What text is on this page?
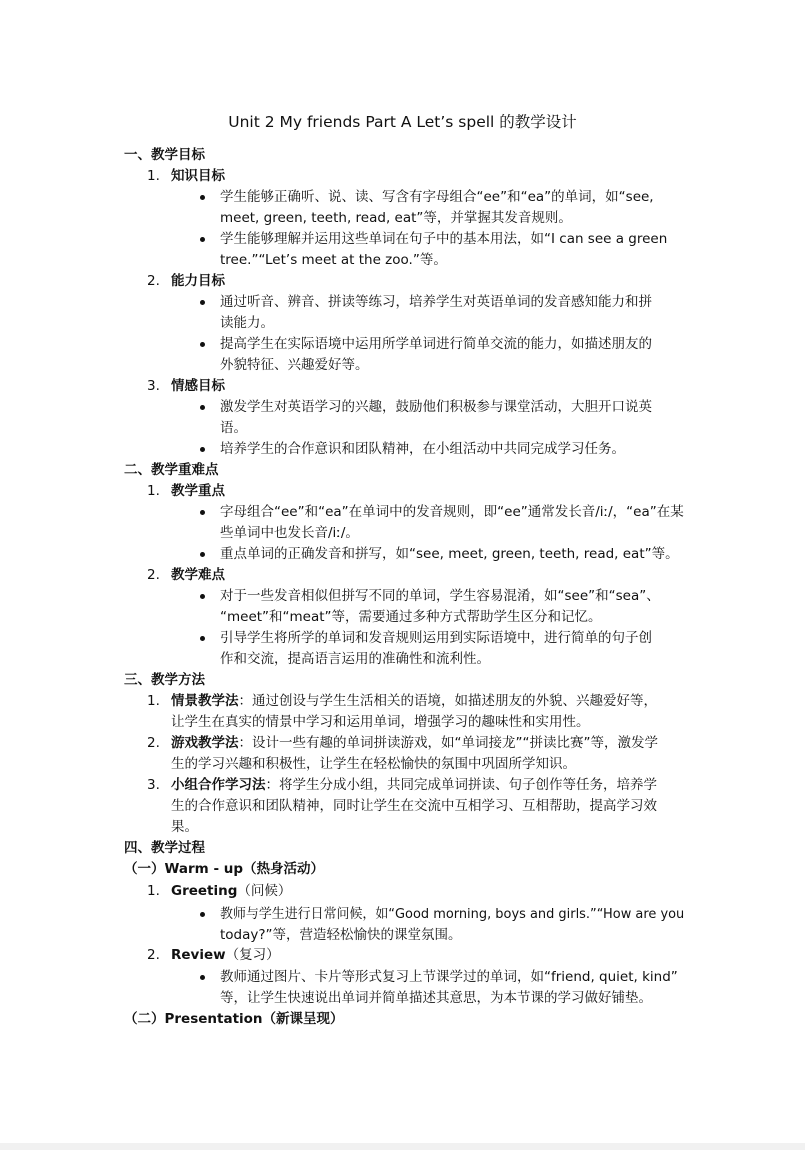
Unit 2 My friends Part A Let’s spell 的教学设计
一、教学目标
1. 知识目标
学生能够正确听、说、读、写含有字母组合“ee”和“ea”的单词，如“see,
meet, green, teeth, read, eat”等，并掌握其发音规则。
学生能够理解并运用这些单词在句子中的基本用法，如“I can see a green
tree.”“Let’s meet at the zoo.”等。
2. 能力目标
通过听音、辨音、拼读等练习，培养学生对英语单词的发音感知能力和拼
读能力。
提高学生在实际语境中运用所学单词进行简单交流的能力，如描述朋友的
外貌特征、兴趣爱好等。
3. 情感目标
激发学生对英语学习的兴趣，鼓励他们积极参与课堂活动，大胆开口说英
语。
培养学生的合作意识和团队精神，在小组活动中共同完成学习任务。
二、教学重难点
1. 教学重点
字母组合“ee”和“ea”在单词中的发音规则，即“ee”通常发长音/iː/，“ea”在某
些单词中也发长音/iː/。
重点单词的正确发音和拼写，如“see, meet, green, teeth, read, eat”等。
2. 教学难点
对于一些发音相似但拼写不同的单词，学生容易混淆，如“see”和“sea”、
“meet”和“meat”等，需要通过多种方式帮助学生区分和记忆。
引导学生将所学的单词和发音规则运用到实际语境中，进行简单的句子创
作和交流，提高语言运用的准确性和流利性。
三、教学方法
1. 情景教学法：通过创设与学生生活相关的语境，如描述朋友的外貌、兴趣爱好等，
让学生在真实的情景中学习和运用单词，增强学习的趣味性和实用性。
2. 游戏教学法：设计一些有趣的单词拼读游戏，如“单词接龙”“拼读比赛”等，激发学
生的学习兴趣和积极性，让学生在轻松愉快的氛围中巩固所学知识。
3. 小组合作学习法：将学生分成小组，共同完成单词拼读、句子创作等任务，培养学
生的合作意识和团队精神，同时让学生在交流中互相学习、互相帮助，提高学习效
果。
四、教学过程
（一）Warm - up（热身活动）
1. Greeting（问候）
教师与学生进行日常问候，如“Good morning, boys and girls.”“How are you
today?”等，营造轻松愉快的课堂氛围。
2. Review（复习）
教师通过图片、卡片等形式复习上节课学过的单词，如“friend, quiet, kind”
等，让学生快速说出单词并简单描述其意思，为本节课的学习做好铺垫。
（二）Presentation（新课呈现）
